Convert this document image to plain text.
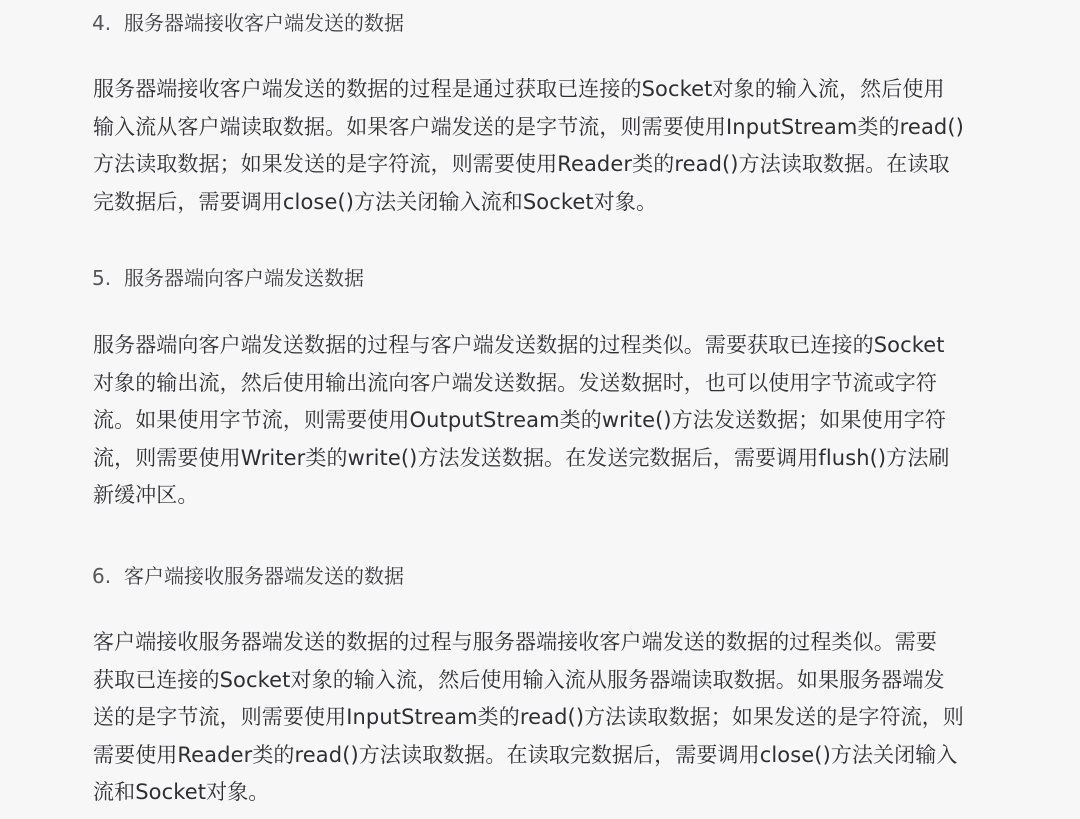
4. 服务器端接收客户端发送的数据

服务器端接收客户端发送的数据的过程是通过获取已连接的Socket对象的输入流，然后使用
输入流从客户端读取数据。如果客户端发送的是字节流，则需要使用InputStream类的read()
方法读取数据；如果发送的是字符流，则需要使用Reader类的read()方法读取数据。在读取
完数据后，需要调用close()方法关闭输入流和Socket对象。

5. 服务器端向客户端发送数据

服务器端向客户端发送数据的过程与客户端发送数据的过程类似。需要获取已连接的Socket
对象的输出流，然后使用输出流向客户端发送数据。发送数据时，也可以使用字节流或字符
流。如果使用字节流，则需要使用OutputStream类的write()方法发送数据；如果使用字符
流，则需要使用Writer类的write()方法发送数据。在发送完数据后，需要调用flush()方法刷
新缓冲区。

6. 客户端接收服务器端发送的数据

客户端接收服务器端发送的数据的过程与服务器端接收客户端发送的数据的过程类似。需要
获取已连接的Socket对象的输入流，然后使用输入流从服务器端读取数据。如果服务器端发
送的是字节流，则需要使用InputStream类的read()方法读取数据；如果发送的是字符流，则
需要使用Reader类的read()方法读取数据。在读取完数据后，需要调用close()方法关闭输入
流和Socket对象。
